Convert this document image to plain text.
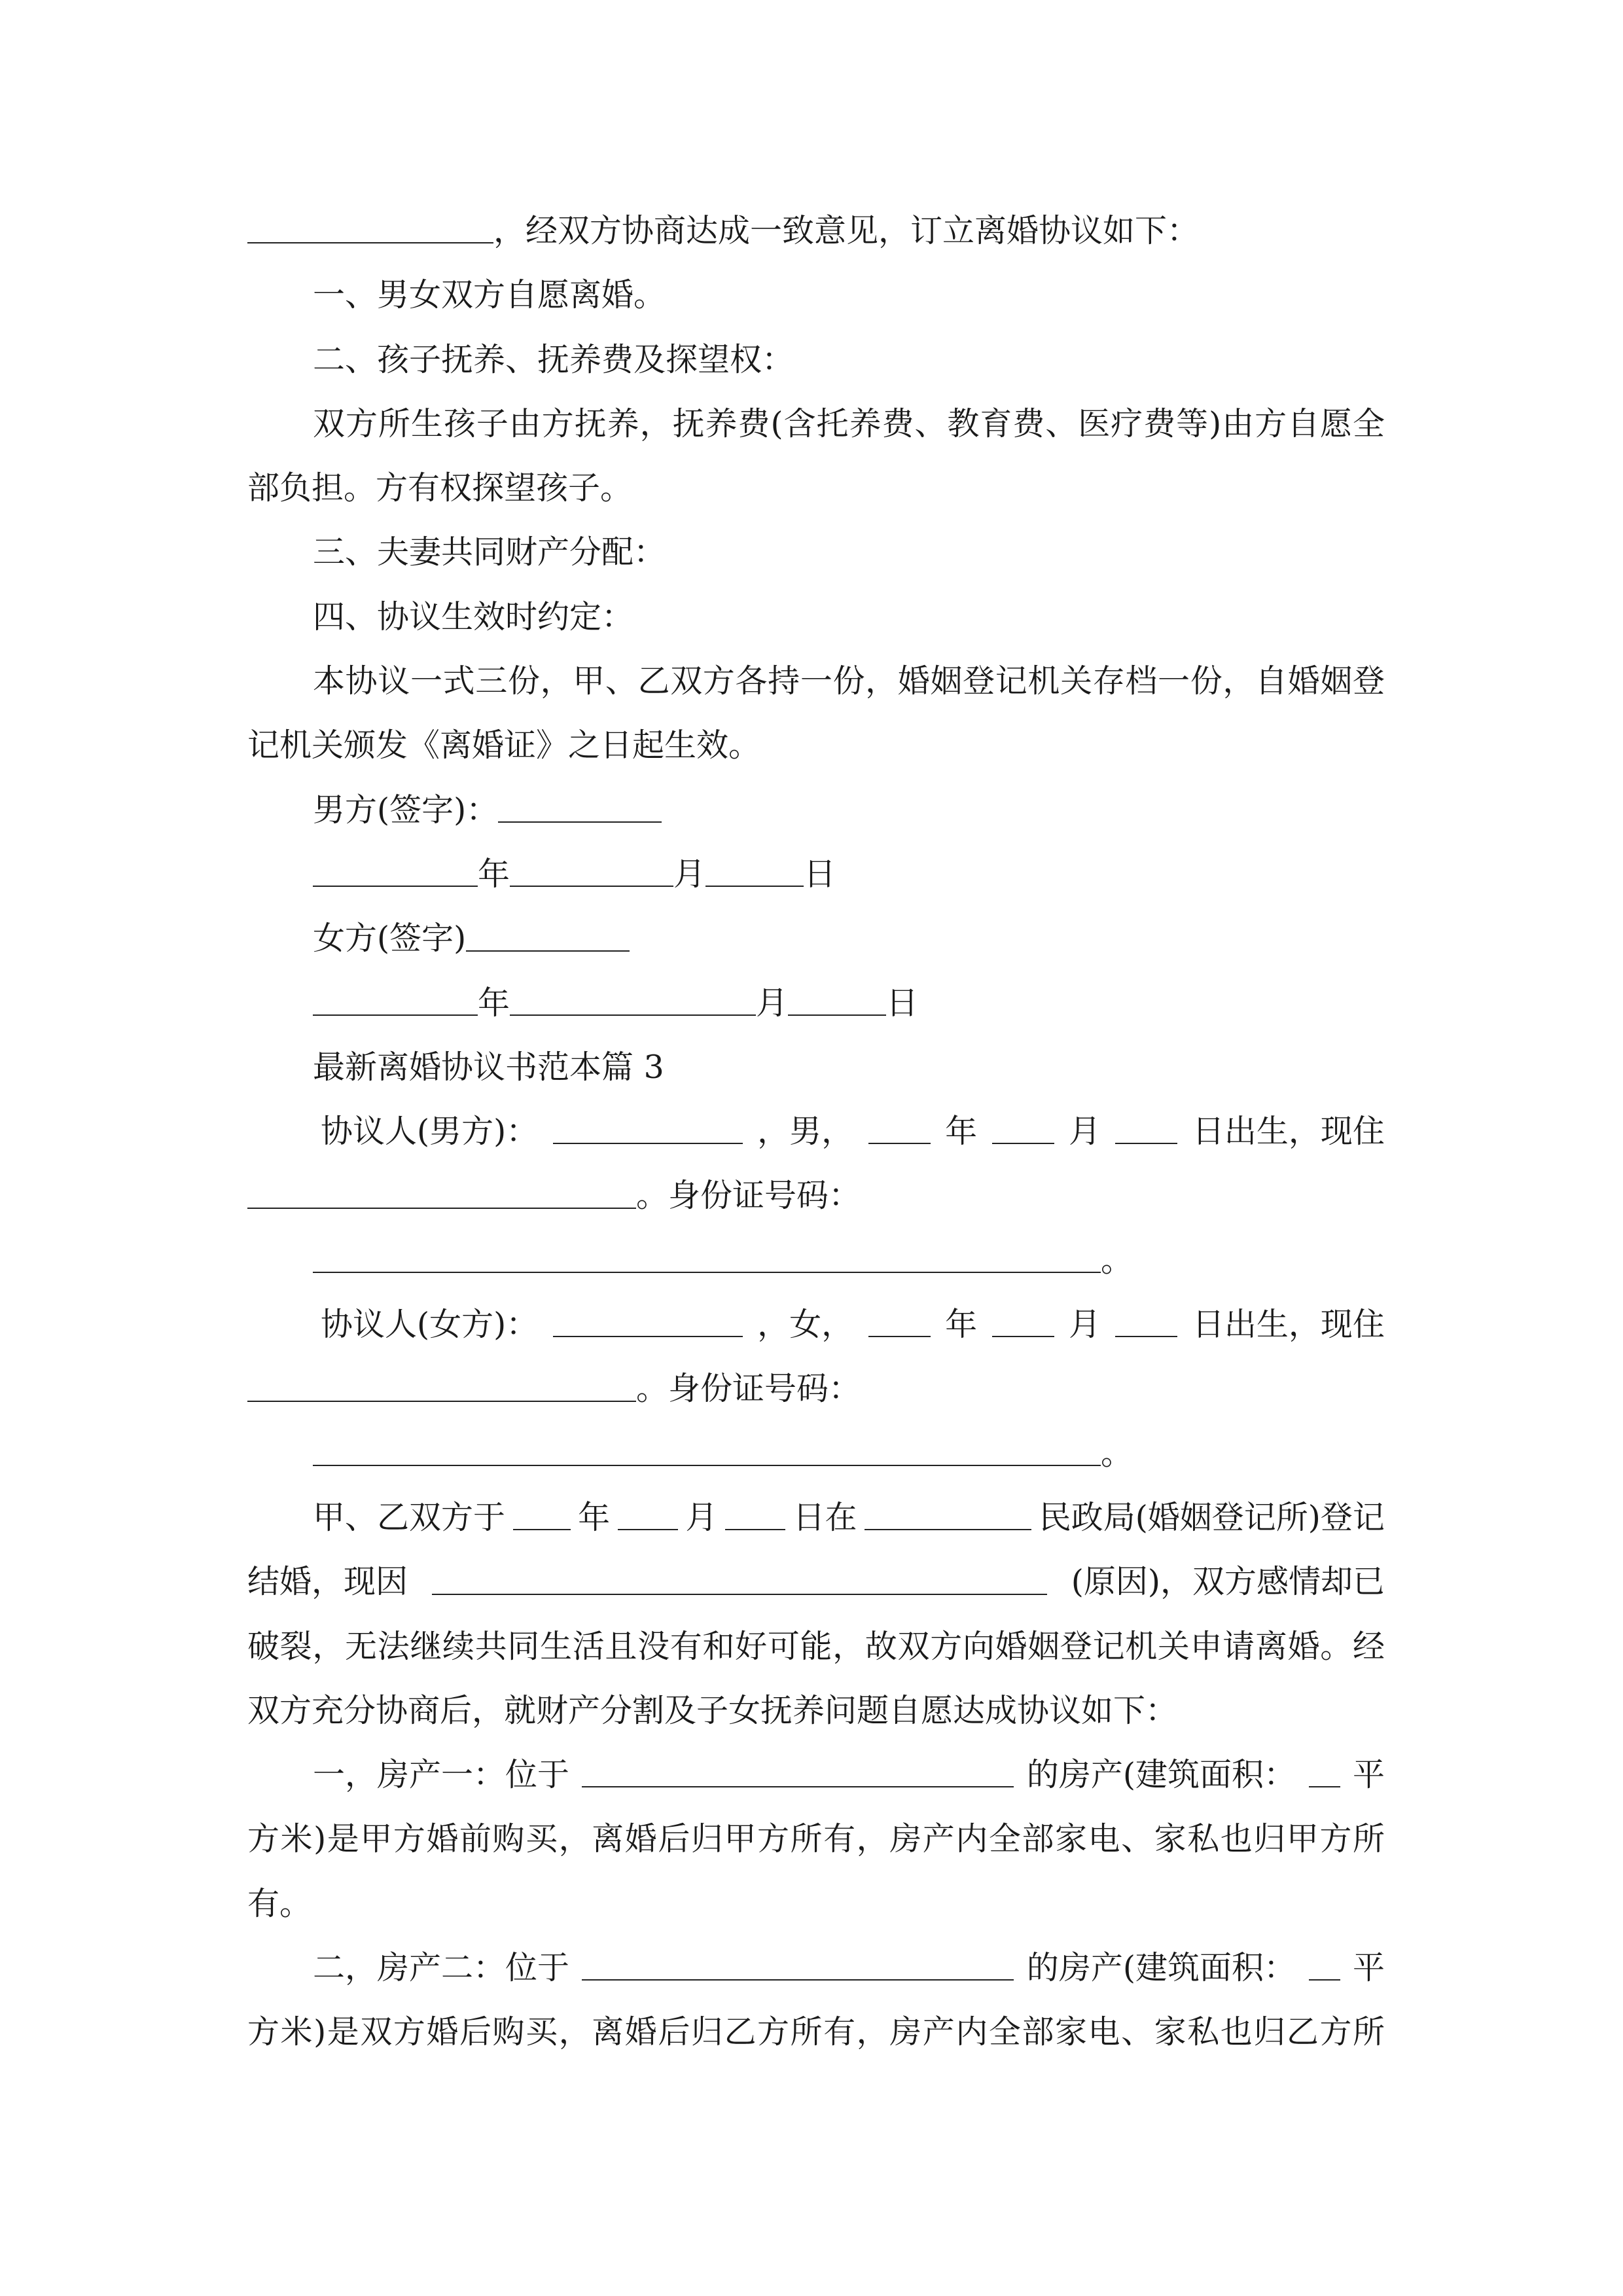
，经双方协商达成一致意见，订立离婚协议如下：
一、男女双方自愿离婚。
二、孩子抚养、抚养费及探望权：
双方所生孩子由方抚养，抚养费(含托养费、教育费、医疗费等)由方自愿全
部负担。方有权探望孩子。
三、夫妻共同财产分配：
四、协议生效时约定：
本协议一式三份，甲、乙双方各持一份，婚姻登记机关存档一份，自婚姻登
记机关颁发《离婚证》之日起生效。
男方(签字)：
年	月	日
女方(签字)
年	月	日
最新离婚协议书范本篇 3
协议人(男方)：	，男，	年	月	日出生，现住
。身份证号码：
。
协议人(女方)：	，女，	年	月	日出生，现住
。身份证号码：
。
甲、乙双方于 年 月 日在	民政局(婚姻登记所)登记
结婚，现因	(原因)，双方感情却已
破裂，无法继续共同生活且没有和好可能，故双方向婚姻登记机关申请离婚。经
双方充分协商后，就财产分割及子女抚养问题自愿达成协议如下：
一，房产一：位于	的房产(建筑面积： 平
方米)是甲方婚前购买，离婚后归甲方所有，房产内全部家电、家私也归甲方所
有。
二，房产二：位于	的房产(建筑面积： 平
方米)是双方婚后购买，离婚后归乙方所有，房产内全部家电、家私也归乙方所
